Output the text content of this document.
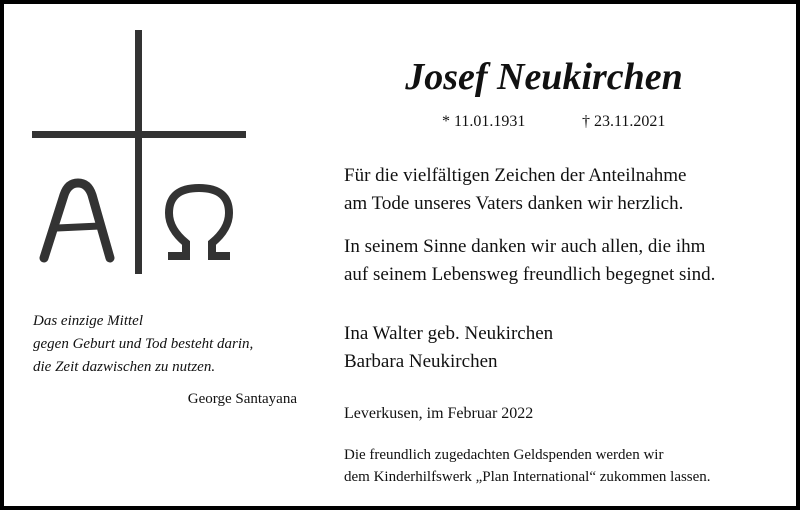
Das einzige Mittel
gegen Geburt und Tod besteht darin,
die Zeit dazwischen zu nutzen.
George Santayana
Josef Neukirchen
* 11.01.1931	† 23.11.2021
Für die vielfältigen Zeichen der Anteilnahme
am Tode unseres Vaters danken wir herzlich.
In seinem Sinne danken wir auch allen, die ihm
auf seinem Lebensweg freundlich begegnet sind.
Ina Walter geb. Neukirchen
Barbara Neukirchen
Leverkusen, im Februar 2022
Die freundlich zugedachten Geldspenden werden wir
dem Kinderhilfswerk „Plan International“ zukommen lassen.
